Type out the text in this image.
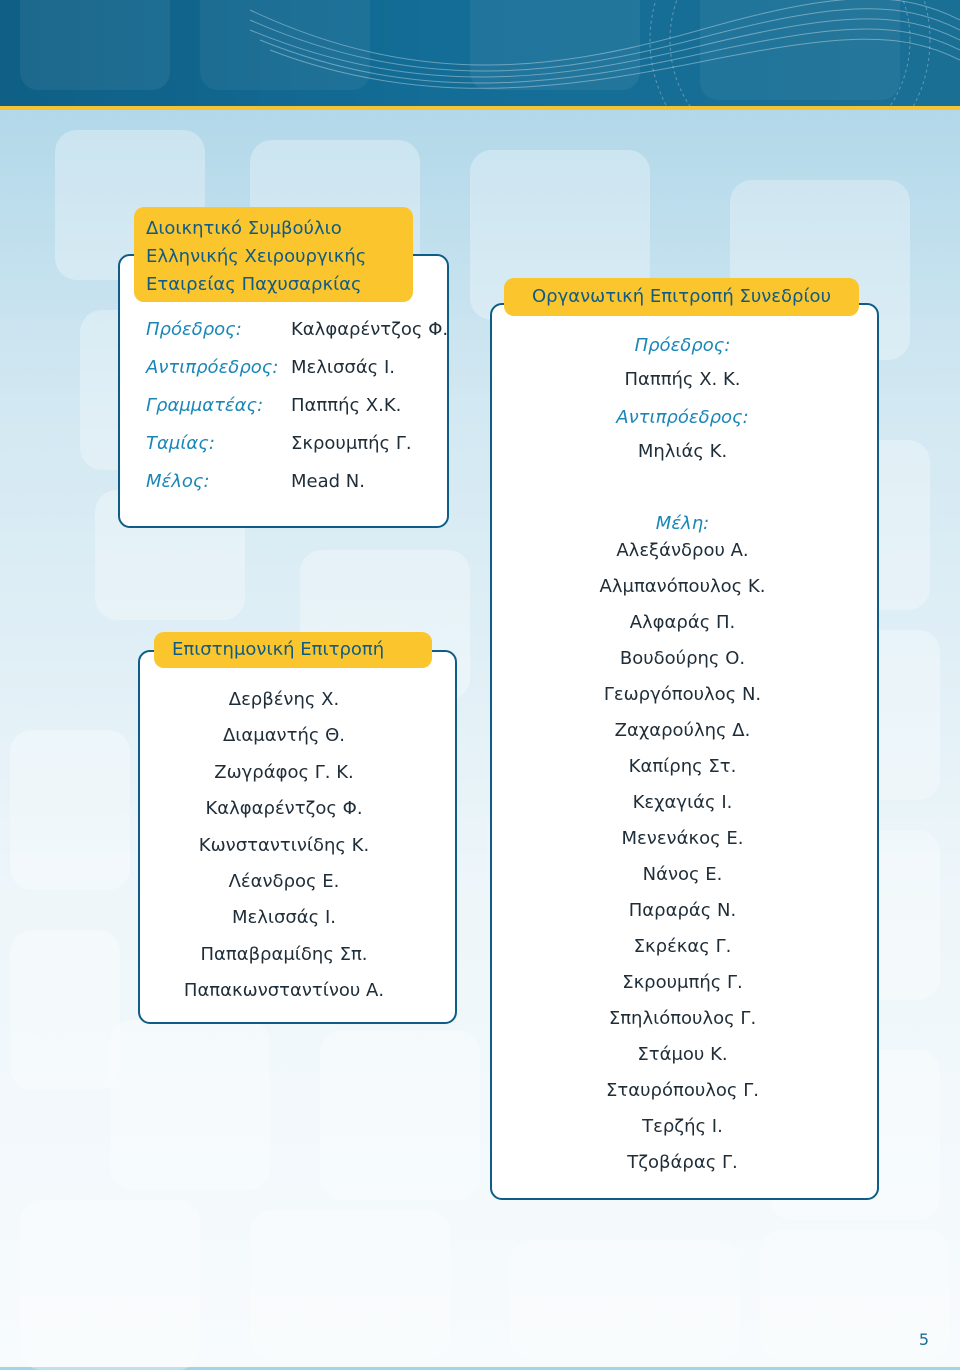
Διοικητικό Συμβούλιο
Ελληνικής Χειρουργικής
Εταιρείας Παχυσαρκίας
Πρόεδρος:	Καλφαρέντζος Φ.
Αντιπρόεδρος: Μελισσάς Ι.
Γραμματέας: Παππής Χ.Κ.
Ταμίας:	Σκρουμπής Γ.
Μέλος:	Mead N.
Επιστημονική Επιτροπή
Δερβένης Χ.
Διαμαντής Θ.
Ζωγράφος Γ. Κ.
Καλφαρέντζος Φ.
Κωνσταντινίδης Κ.
Λέανδρος Ε.
Μελισσάς Ι.
Παπαβραμίδης Σπ.
Παπακωνσταντίνου Α.
Οργανωτική Επιτροπή Συνεδρίου
Πρόεδρος:
Παππής Χ. Κ.
Αντιπρόεδρος:
Μηλιάς Κ.
Μέλη:
Αλεξάνδρου Α.
Αλμπανόπουλος Κ.
Αλφαράς Π.
Βουδούρης Ο.
Γεωργόπουλος Ν.
Ζαχαρούλης Δ.
Καπίρης Στ.
Κεχαγιάς Ι.
Μενενάκος Ε.
Νάνος Ε.
Παραράς Ν.
Σκρέκας Γ.
Σκρουμπής Γ.
Σπηλιόπουλος Γ.
Στάμου Κ.
Σταυρόπουλος Γ.
Τερζής Ι.
Τζοβάρας Γ.
5
